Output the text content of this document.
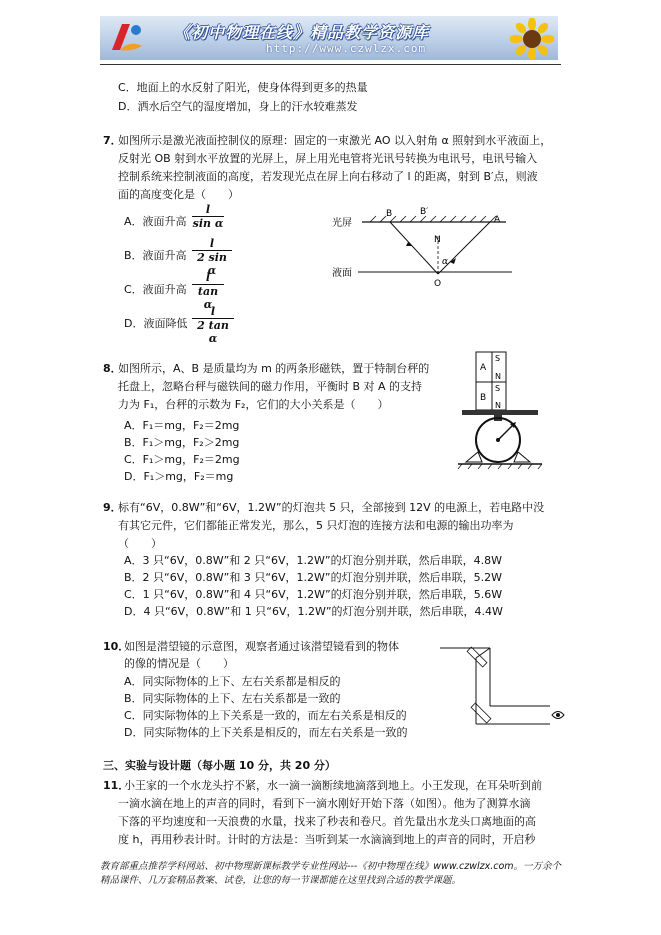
《初中物理在线》精品教学资源库
http://www.czwlzx.com
C．地面上的水反射了阳光，使身体得到更多的热量
D．洒水后空气的湿度增加，身上的汗水较难蒸发
7．
如图所示是激光液面控制仪的原理：固定的一束激光 AO 以入射角 α 照射到水平液面上，
反射光 OB 射到水平放置的光屏上，屏上用光电管将光讯号转换为电讯号，电讯号输入
控制系统来控制液面的高度，若发现光点在屏上向右移动了 l 的距离，射到 B′点，则液
面的高度变化是（　　）
A．液面升高
l
sin α
B．液面升高
l
2 sin α
C．液面升高
l
tan α
D．液面降低
l
2 tan α
光屏
液面
B	B′
A
N
α
O
8．
如图所示，A、B 是质量均为 m 的两条形磁铁，置于特制台秤的
托盘上，忽略台秤与磁铁间的磁力作用，平衡时 B 对 A 的支持
力为 F₁，台秤的示数为 F₂，它们的大小关系是（　　）
A．F₁＝mg，F₂＝2mg
B．F₁＞mg，F₂＞2mg
C．F₁＞mg，F₂＝2mg
D．F₁＞mg，F₂＝mg
A
B
S
N
S
N
9．
标有“6V，0.8W”和“6V，1.2W”的灯泡共 5 只，全部接到 12V 的电源上，若电路中没
有其它元件，它们都能正常发光，那么，5 只灯泡的连接方法和电源的输出功率为
（　　）
A．3 只“6V，0.8W”和 2 只“6V，1.2W”的灯泡分别并联，然后串联，4.8W
B．2 只“6V，0.8W”和 3 只“6V，1.2W”的灯泡分别并联，然后串联，5.2W
C．1 只“6V，0.8W”和 4 只“6V，1.2W”的灯泡分别并联，然后串联，5.6W
D．4 只“6V，0.8W”和 1 只“6V，1.2W”的灯泡分别并联，然后串联，4.4W
10．
如图是潜望镜的示意图，观察者通过该潜望镜看到的物体
的像的情况是（　　）
A．同实际物体的上下、左右关系都是相反的
B．同实际物体的上下、左右关系都是一致的
C．同实际物体的上下关系是一致的，而左右关系是相反的
D．同实际物体的上下关系是相反的，而左右关系是一致的
三、实验与设计题（每小题 10 分，共 20 分）
11．
小王家的一个水龙头拧不紧，水一滴一滴断续地滴落到地上。小王发现，在耳朵听到前
一滴水滴在地上的声音的同时，看到下一滴水刚好开始下落（如图）。他为了测算水滴
下落的平均速度和一天浪费的水量，找来了秒表和卷尺。首先量出水龙头口离地面的高
度 h，再用秒表计时。计时的方法是：当听到某一水滴滴到地上的声音的同时，开启秒
教育部重点推荐学科网站、初中物理新课标教学专业性网站---《初中物理在线》www.czwlzx.com。一万余个精品课件、几万套精品教案、试卷，让您的每一节课都能在这里找到合适的教学课题。
